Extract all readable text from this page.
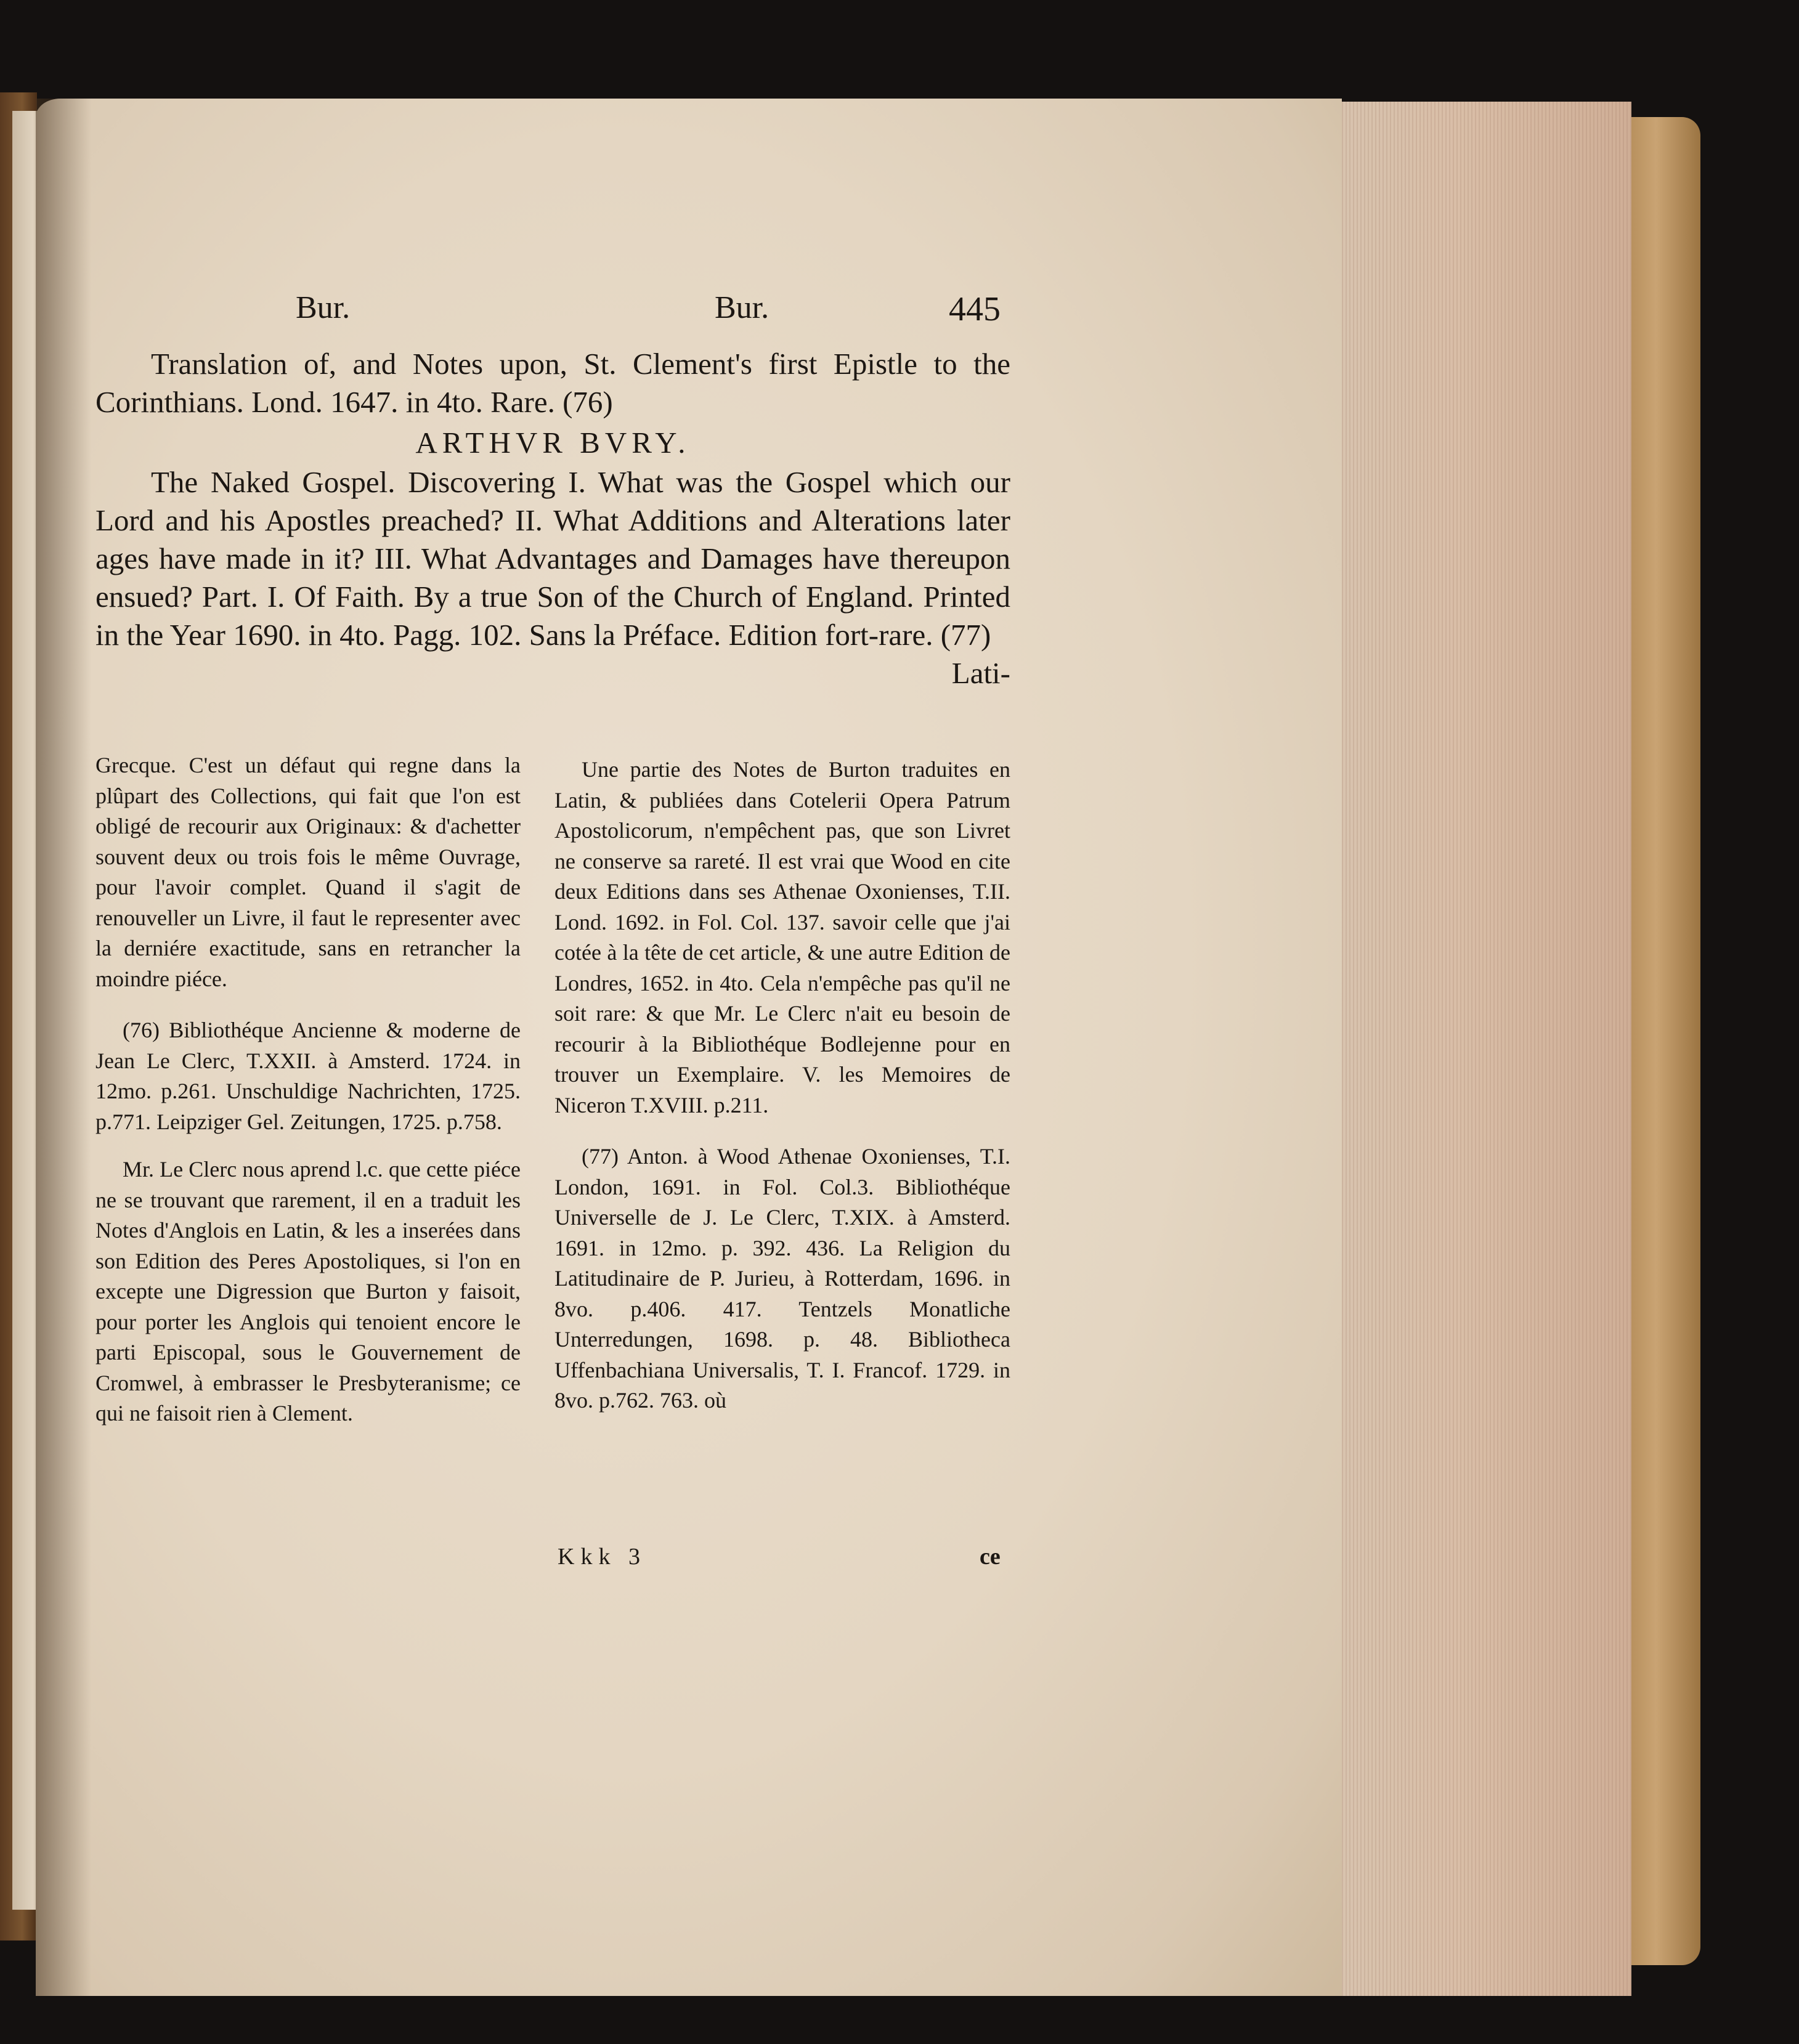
Bur.	Bur.	445

Translation of, and Notes upon, St. Clement's first Epistle to the Corinthians. Lond. 1647. in 4to. Rare. (76)

ARTHVR BVRY.

The Naked Gospel. Discovering I. What was the Gospel which our Lord and his Apostles preached? II. What Additions and Alterations later ages have made in it? III. What Advantages and Damages have thereupon ensued? Part. I. Of Faith. By a true Son of the Church of England. Printed in the Year 1690. in 4to. Pagg. 102. Sans la Préface. Edition fort-rare. (77)

Lati-

Grecque. C'est un défaut qui regne dans la plûpart des Collections, qui fait que l'on est obligé de recourir aux Originaux: & d'achetter souvent deux ou trois fois le même Ouvrage, pour l'avoir complet. Quand il s'agit de renouveller un Livre, il faut le representer avec la derniére exactitude, sans en retrancher la moindre piéce.

(76) Bibliothéque Ancienne & moderne de Jean Le Clerc, T.XXII. à Amsterd. 1724. in 12mo. p.261. Unschuldige Nachrichten, 1725. p.771. Leipziger Gel. Zeitungen, 1725. p.758.

Mr. Le Clerc nous aprend l.c. que cette piéce ne se trouvant que rarement, il en a traduit les Notes d'Anglois en Latin, & les a inserées dans son Edition des Peres Apostoliques, si l'on en excepte une Digression que Burton y faisoit, pour porter les Anglois qui tenoient encore le parti Episcopal, sous le Gouvernement de Cromwel, à embrasser le Presbyteranisme; ce qui ne faisoit rien à Clement.

Une partie des Notes de Burton traduites en Latin, & publiées dans Cotelerii Opera Patrum Apostolicorum, n'empêchent pas, que son Livret ne conserve sa rareté. Il est vrai que Wood en cite deux Editions dans ses Athenae Oxonienses, T.II. Lond. 1692. in Fol. Col. 137. savoir celle que j'ai cotée à la tête de cet article, & une autre Edition de Londres, 1652. in 4to. Cela n'empêche pas qu'il ne soit rare: & que Mr. Le Clerc n'ait eu besoin de recourir à la Bibliothéque Bodlejenne pour en trouver un Exemplaire. V. les Memoires de Niceron T.XVIII. p.211.

(77) Anton. à Wood Athenae Oxonienses, T.I. London, 1691. in Fol. Col.3. Bibliothéque Universelle de J. Le Clerc, T.XIX. à Amsterd. 1691. in 12mo. p. 392. 436. La Religion du Latitudinaire de P. Jurieu, à Rotterdam, 1696. in 8vo. p.406. 417. Tentzels Monatliche Unterredungen, 1698. p. 48. Bibliotheca Uffenbachiana Universalis, T. I. Francof. 1729. in 8vo. p.762. 763. où

Kkk 3	ce
